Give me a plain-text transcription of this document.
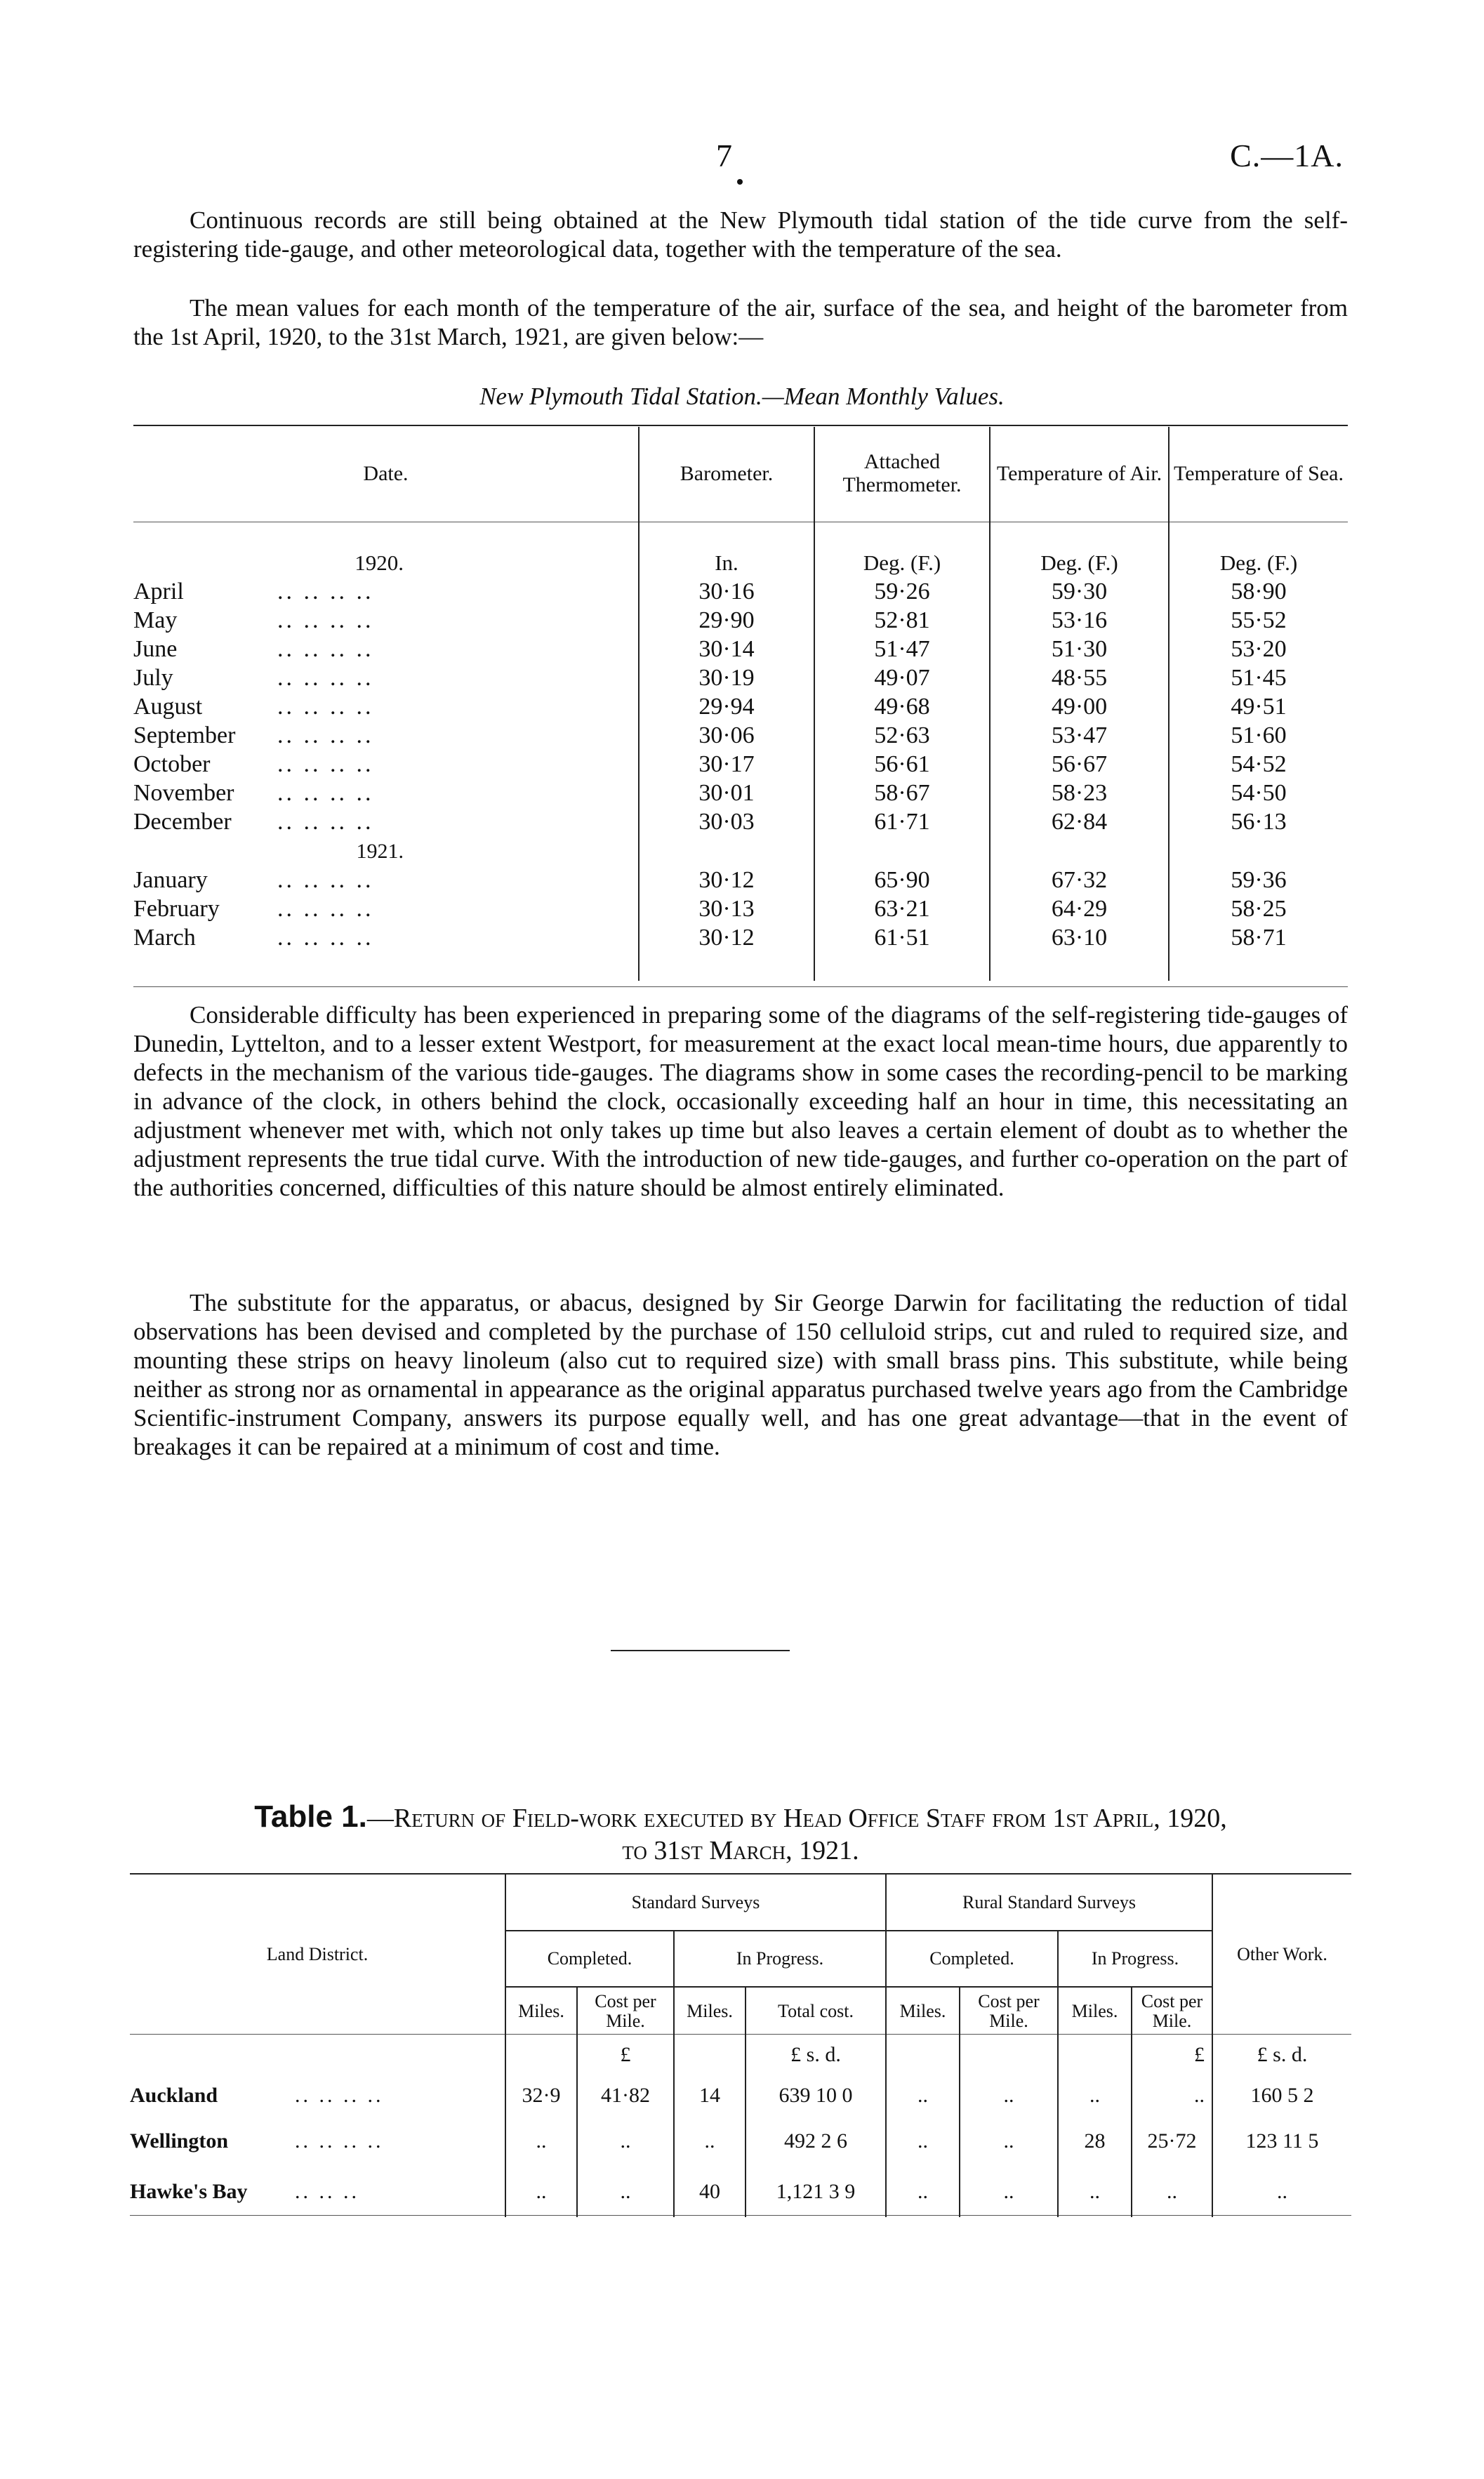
7	C.—1A.

Continuous records are still being obtained at the New Plymouth tidal station of the tide curve from the self-registering tide-gauge, and other meteorological data, together with the temperature of the sea.

The mean values for each month of the temperature of the air, surface of the sea, and height of the barometer from the 1st April, 1920, to the 31st March, 1921, are given below:—

New Plymouth Tidal Station.—Mean Monthly Values.
Date.	Barometer.	Attached Thermometer.	Temperature of Air.	Temperature of Sea.

1920.	In.	Deg. (F.)	Deg. (F.)	Deg. (F.)
April .. .. .. ..	30·16	59·26	59·30	58·90
May .. .. .. ..	29·90	52·81	53·16	55·52
June .. .. .. ..	30·14	51·47	51·30	53·20
July .. .. .. ..	30·19	49·07	48·55	51·45
August .. .. .. ..	29·94	49·68	49·00	49·51
September .. .. .. ..	30·06	52·63	53·47	51·60
October .. .. .. ..	30·17	56·61	56·67	54·52
November .. .. .. ..	30·01	58·67	58·23	54·50
December .. .. .. ..	30·03	61·71	62·84	56·13
1921.				
January .. .. .. ..	30·12	65·90	67·32	59·36
February .. .. .. ..	30·13	63·21	64·29	58·25
March .. .. .. ..	30·12	61·51	63·10	58·71

Considerable difficulty has been experienced in preparing some of the diagrams of the self-registering tide-gauges of Dunedin, Lyttelton, and to a lesser extent Westport, for measurement at the exact local mean-time hours, due apparently to defects in the mechanism of the various tide-gauges. The diagrams show in some cases the recording-pencil to be marking in advance of the clock, in others behind the clock, occasionally exceeding half an hour in time, this necessitating an adjustment whenever met with, which not only takes up time but also leaves a certain element of doubt as to whether the adjustment represents the true tidal curve. With the introduction of new tide-gauges, and further co-operation on the part of the authorities concerned, difficulties of this nature should be almost entirely eliminated.

The substitute for the apparatus, or abacus, designed by Sir George Darwin for facilitating the reduction of tidal observations has been devised and completed by the purchase of 150 celluloid strips, cut and ruled to required size, and mounting these strips on heavy linoleum (also cut to required size) with small brass pins. This substitute, while being neither as strong nor as ornamental in appearance as the original apparatus purchased twelve years ago from the Cambridge Scientific-instrument Company, answers its purpose equally well, and has one great advantage—that in the event of breakages it can be repaired at a minimum of cost and time.

Table 1.—Return of Field-work executed by Head Office Staff from 1st April, 1920,
to 31st March, 1921.
Land District.	Standard Surveys				Rural Standard Surveys				Other Work.
	Completed.		In Progress.		Completed.		In Progress.		
	Miles.	Cost per Mile.	Miles.	Total cost.	Miles.	Cost per Mile.	Miles.	Cost per Mile.	
		£		£ s. d.				£	£ s. d.
Auckland .. .. .. ..	32·9	41·82	14	639 10 0	..	..	..	..	160 5 2
Wellington .. .. .. ..	..	..	..	492 2 6	..	..	28	25·72	123 11 5
Hawke's Bay .. .. ..	..	..	40	1,121 3 9	..	..	..	..	..
